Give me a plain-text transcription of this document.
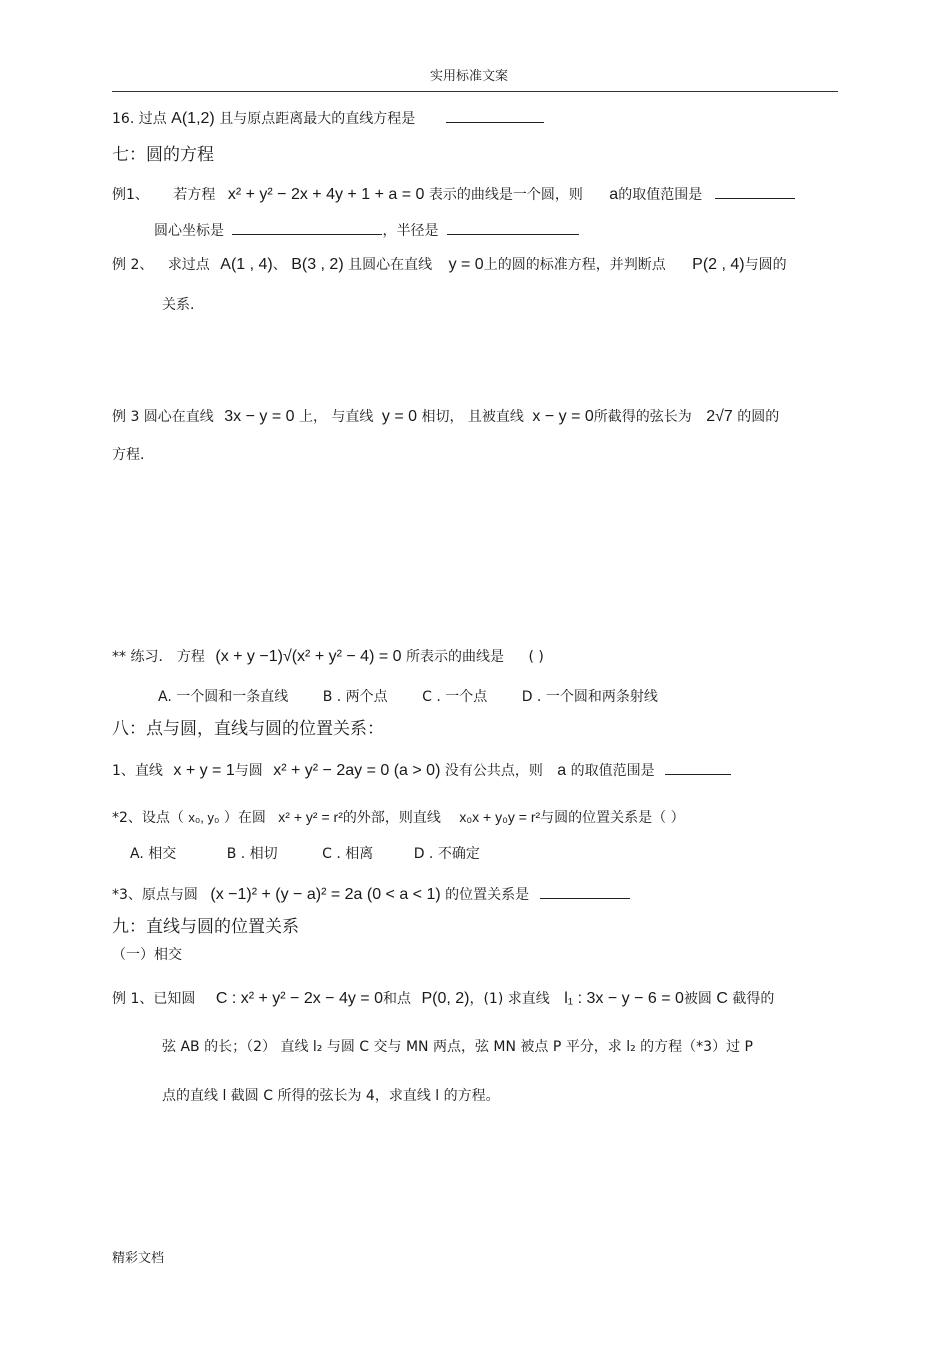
实用标准文案
16. 过点 A(1,2) 且与原点距离最大的直线方程是
七：圆的方程
例1、 若方程 x² + y² − 2x + 4y + 1 + a = 0 表示的曲线是一个圆，则 a的取值范围是
圆心坐标是	，半径是
例 2、 求过点 A(1 , 4)、 B(3 , 2) 且圆心在直线 y = 0上的圆的标准方程，并判断点 P(2 , 4)与圆的
关系.
例 3 圆心在直线 3x − y = 0 上， 与直线 y = 0 相切， 且被直线 x − y = 0所截得的弦长为 2√7 的圆的
方程.
** 练习． 方程 (x + y −1)√(x² + y² − 4) = 0 所表示的曲线是 ( )
A. 一个圆和一条直线 B . 两个点 C . 一个点 D . 一个圆和两条射线
八：点与圆，直线与圆的位置关系：
1、直线 x + y = 1与圆 x² + y² − 2ay = 0 (a > 0) 没有公共点，则 a 的取值范围是
*2、设点（ x₀, y₀ ）在圆 x² + y² = r²的外部，则直线 x₀x + y₀y = r²与圆的位置关系是（ ）
A. 相交	B . 相切	C . 相离	D . 不确定
*3、原点与圆 (x −1)² + (y − a)² = 2a (0 < a < 1) 的位置关系是
九：直线与圆的位置关系
（一）相交
例 1、已知圆 C : x² + y² − 2x − 4y = 0和点 P(0, 2)，(1) 求直线 l₁ : 3x − y − 6 = 0被圆 C 截得的
弦 AB 的长；（2） 直线 l₂ 与圆 C 交与 MN 两点，弦 MN 被点 P 平分，求 l₂ 的方程（*3）过 P
点的直线 l 截圆 C 所得的弦长为 4，求直线 l 的方程。
精彩文档
